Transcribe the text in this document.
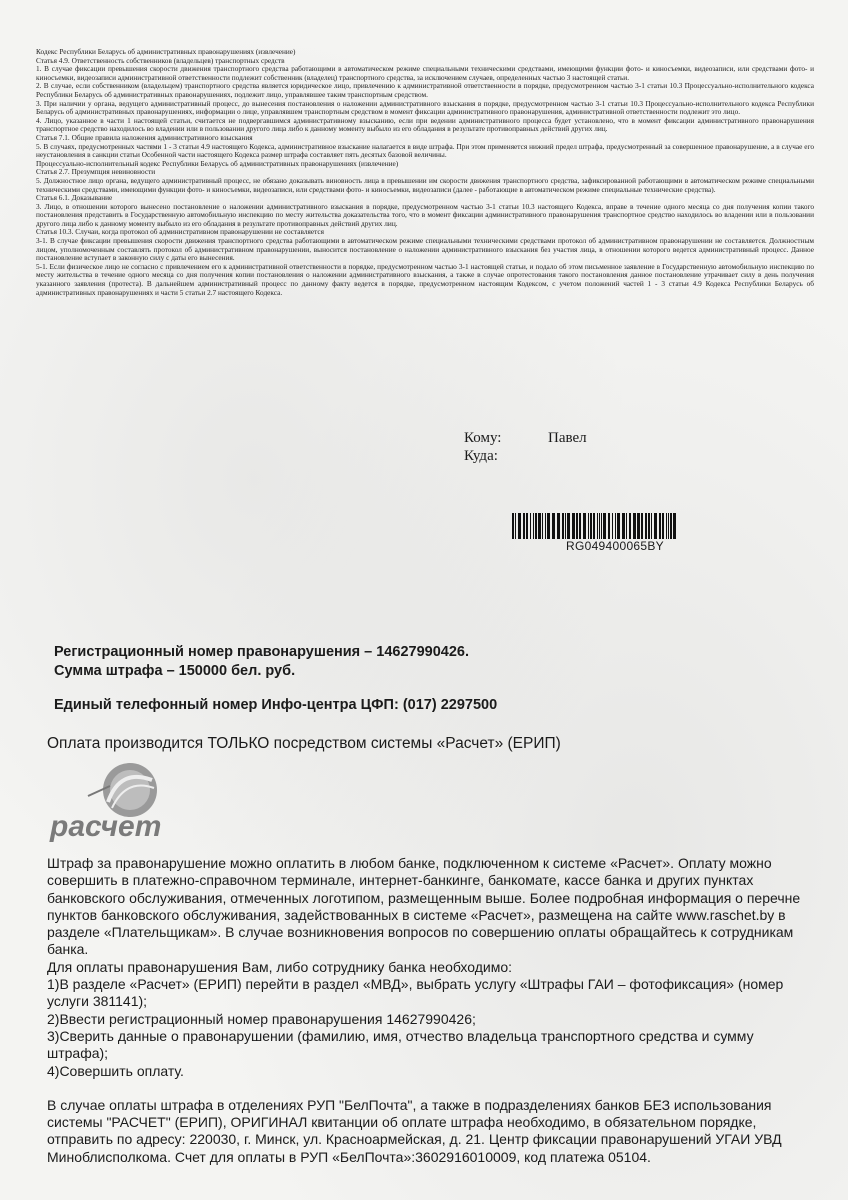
Кодекс Республики Беларусь об административных правонарушениях (извлечение)

Статья 4.9. Ответственность собственников (владельцев) транспортных средств

1. В случае фиксации превышения скорости движения транспортного средства работающими в автоматическом режиме специальными техническими средствами, имеющими функции фото- и киносъемки, видеозаписи, или средствами фото- и киносъемки, видеозаписи административной ответственности подлежит собственник (владелец) транспортного средства, за исключением случаев, определенных частью 3 настоящей статьи.

2. В случае, если собственником (владельцем) транспортного средства является юридическое лицо, привлечению к административной ответственности в порядке, предусмотренном частью 3-1 статьи 10.3 Процессуально-исполнительного кодекса Республики Беларусь об административных правонарушениях, подлежит лицо, управлявшее таким транспортным средством.

3. При наличии у органа, ведущего административный процесс, до вынесения постановления о наложении административного взыскания в порядке, предусмотренном частью 3-1 статьи 10.3 Процессуально-исполнительного кодекса Республики Беларусь об административных правонарушениях, информации о лице, управлявшем транспортным средством в момент фиксации административного правонарушения, административной ответственности подлежит это лицо.

4. Лицо, указанное в части 1 настоящей статьи, считается не подвергавшимся административному взысканию, если при ведении административного процесса будет установлено, что в момент фиксации административного правонарушения транспортное средство находилось во владении или в пользовании другого лица либо к данному моменту выбыло из его обладания в результате противоправных действий других лиц.

Статья 7.1. Общие правила наложения административного взыскания

5. В случаях, предусмотренных частями 1 - 3 статьи 4.9 настоящего Кодекса, административное взыскание налагается в виде штрафа. При этом применяется нижний предел штрафа, предусмотренный за совершенное правонарушение, а в случае его неустановления в санкции статьи Особенной части настоящего Кодекса размер штрафа составляет пять десятых базовой величины.

Процессуально-исполнительный кодекс Республики Беларусь об административных правонарушениях (извлечение)

Статья 2.7. Презумпция невиновности

5. Должностное лицо органа, ведущего административный процесс, не обязано доказывать виновность лица в превышении им скорости движения транспортного средства, зафиксированной работающими в автоматическом режиме специальными техническими средствами, имеющими функции фото- и киносъемки, видеозаписи, или средствами фото- и киносъемки, видеозаписи (далее - работающие в автоматическом режиме специальные технические средства).

Статья 6.1. Доказывание

3. Лицо, в отношении которого вынесено постановление о наложении административного взыскания в порядке, предусмотренном частью 3-1 статьи 10.3 настоящего Кодекса, вправе в течение одного месяца со дня получения копии такого постановления представить в Государственную автомобильную инспекцию по месту жительства доказательства того, что в момент фиксации административного правонарушения транспортное средство находилось во владении или в пользовании другого лица либо к данному моменту выбыло из его обладания в результате противоправных действий других лиц.

Статья 10.3. Случаи, когда протокол об административном правонарушении не составляется

3-1. В случае фиксации превышения скорости движения транспортного средства работающими в автоматическом режиме специальными техническими средствами протокол об административном правонарушении не составляется. Должностным лицом, уполномоченным составлять протокол об административном правонарушении, выносится постановление о наложении административного взыскания без участия лица, в отношении которого ведется административный процесс. Данное постановление вступает в законную силу с даты его вынесения.

5-1. Если физическое лицо не согласно с привлечением его к административной ответственности в порядке, предусмотренном частью 3-1 настоящей статьи, и подало об этом письменное заявление в Государственную автомобильную инспекцию по месту жительства в течение одного месяца со дня получения копии постановления о наложении административного взыскания, а также в случае опротестования такого постановления данное постановление утрачивает силу в день получения указанного заявления (протеста). В дальнейшем административный процесс по данному факту ведется в порядке, предусмотренном настоящим Кодексом, с учетом положений частей 1 - 3 статьи 4.9 Кодекса Республики Беларусь об административных правонарушениях и части 5 статьи 2.7 настоящего Кодекса.

Кому:	Павел
Куда:
RG049400065BY
Регистрационный номер правонарушения – 14627990426.
Сумма штрафа – 150000 бел. руб.
Единый телефонный номер Инфо-центра ЦФП: (017) 2297500
Оплата производится ТОЛЬКО посредством системы «Расчет» (ЕРИП)
расчет

Штраф за правонарушение можно оплатить в любом банке, подключенном к системе «Расчет». Оплату можно совершить в платежно-справочном терминале, интернет-банкинге, банкомате, кассе банка и других пунктах банковского обслуживания, отмеченных логотипом, размещенным выше. Более подробная информация о перечне пунктов банковского обслуживания, задействованных в системе «Расчет», размещена на сайте www.raschet.by в разделе «Плательщикам». В случае возникновения вопросов по совершению оплаты обращайтесь к сотрудникам банка.

Для оплаты правонарушения Вам, либо сотруднику банка необходимо:

1)В разделе «Расчет» (ЕРИП) перейти в раздел «МВД», выбрать услугу «Штрафы ГАИ – фотофиксация» (номер услуги 381141);

2)Ввести регистрационный номер правонарушения 14627990426;

3)Сверить данные о правонарушении (фамилию, имя, отчество владельца транспортного средства и сумму штрафа);

4)Совершить оплату.

В случае оплаты штрафа в отделениях РУП "БелПочта", а также в подразделениях банков БЕЗ использования системы "РАСЧЕТ" (ЕРИП), ОРИГИНАЛ квитанции об оплате штрафа необходимо, в обязательном порядке, отправить по адресу: 220030, г. Минск, ул. Красноармейская, д. 21. Центр фиксации правонарушений УГАИ УВД Миноблисполкома. Счет для оплаты в РУП «БелПочта»:3602916010009, код платежа 05104.
